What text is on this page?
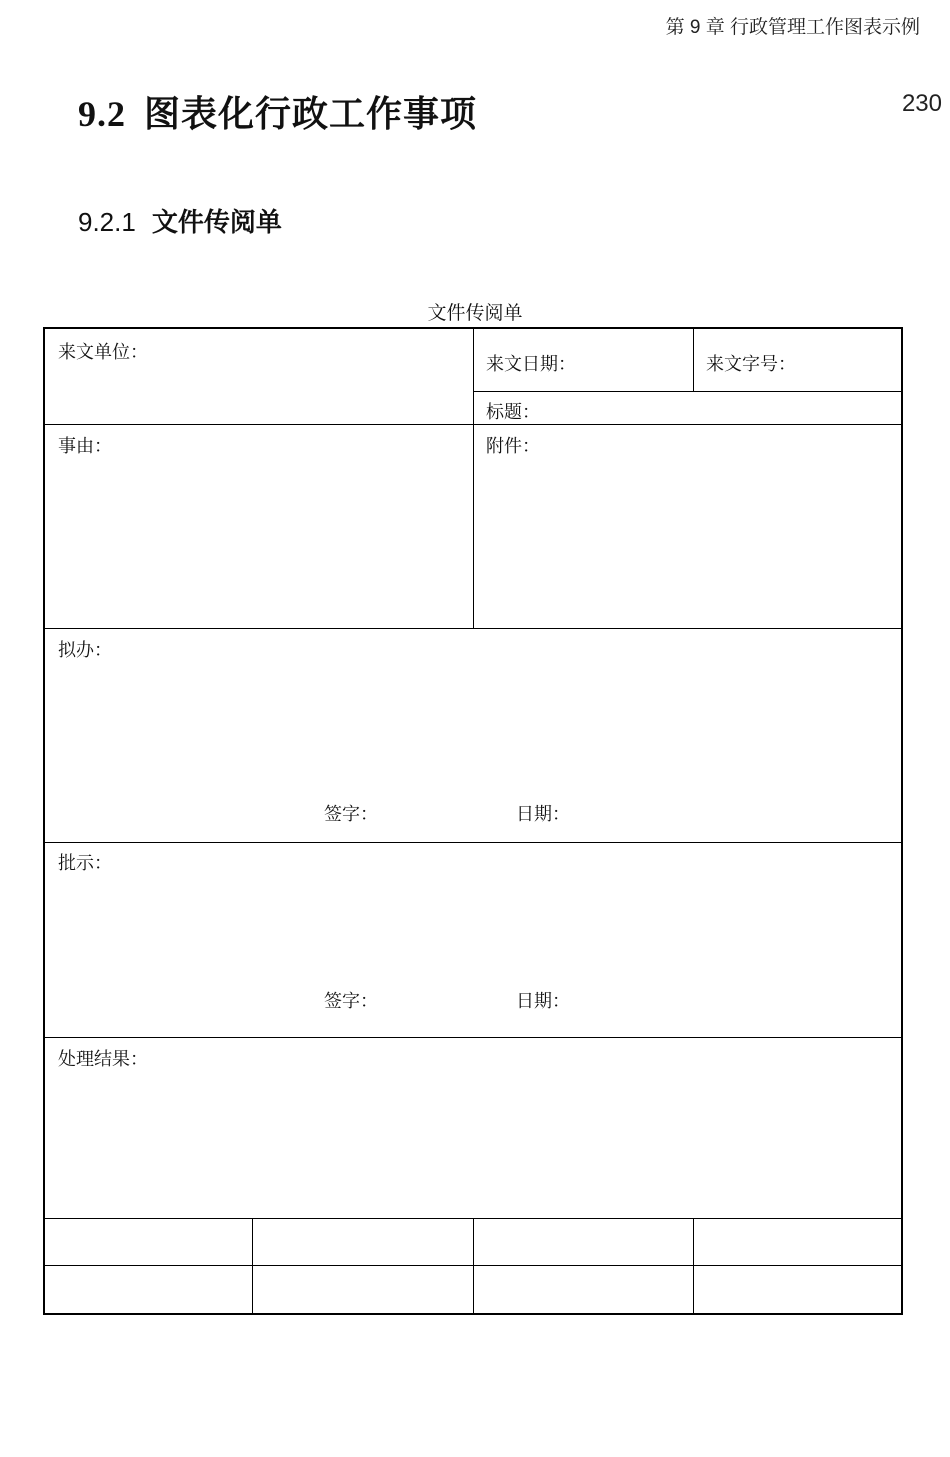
第 9 章 行政管理工作图表示例
230
9.2 图表化行政工作事项
9.2.1 文件传阅单
文件传阅单
来文单位：
来文日期：	来文字号：
标题：
事由：	附件：
拟办：
签字：	日期：
批示：
签字：	日期：
处理结果：
